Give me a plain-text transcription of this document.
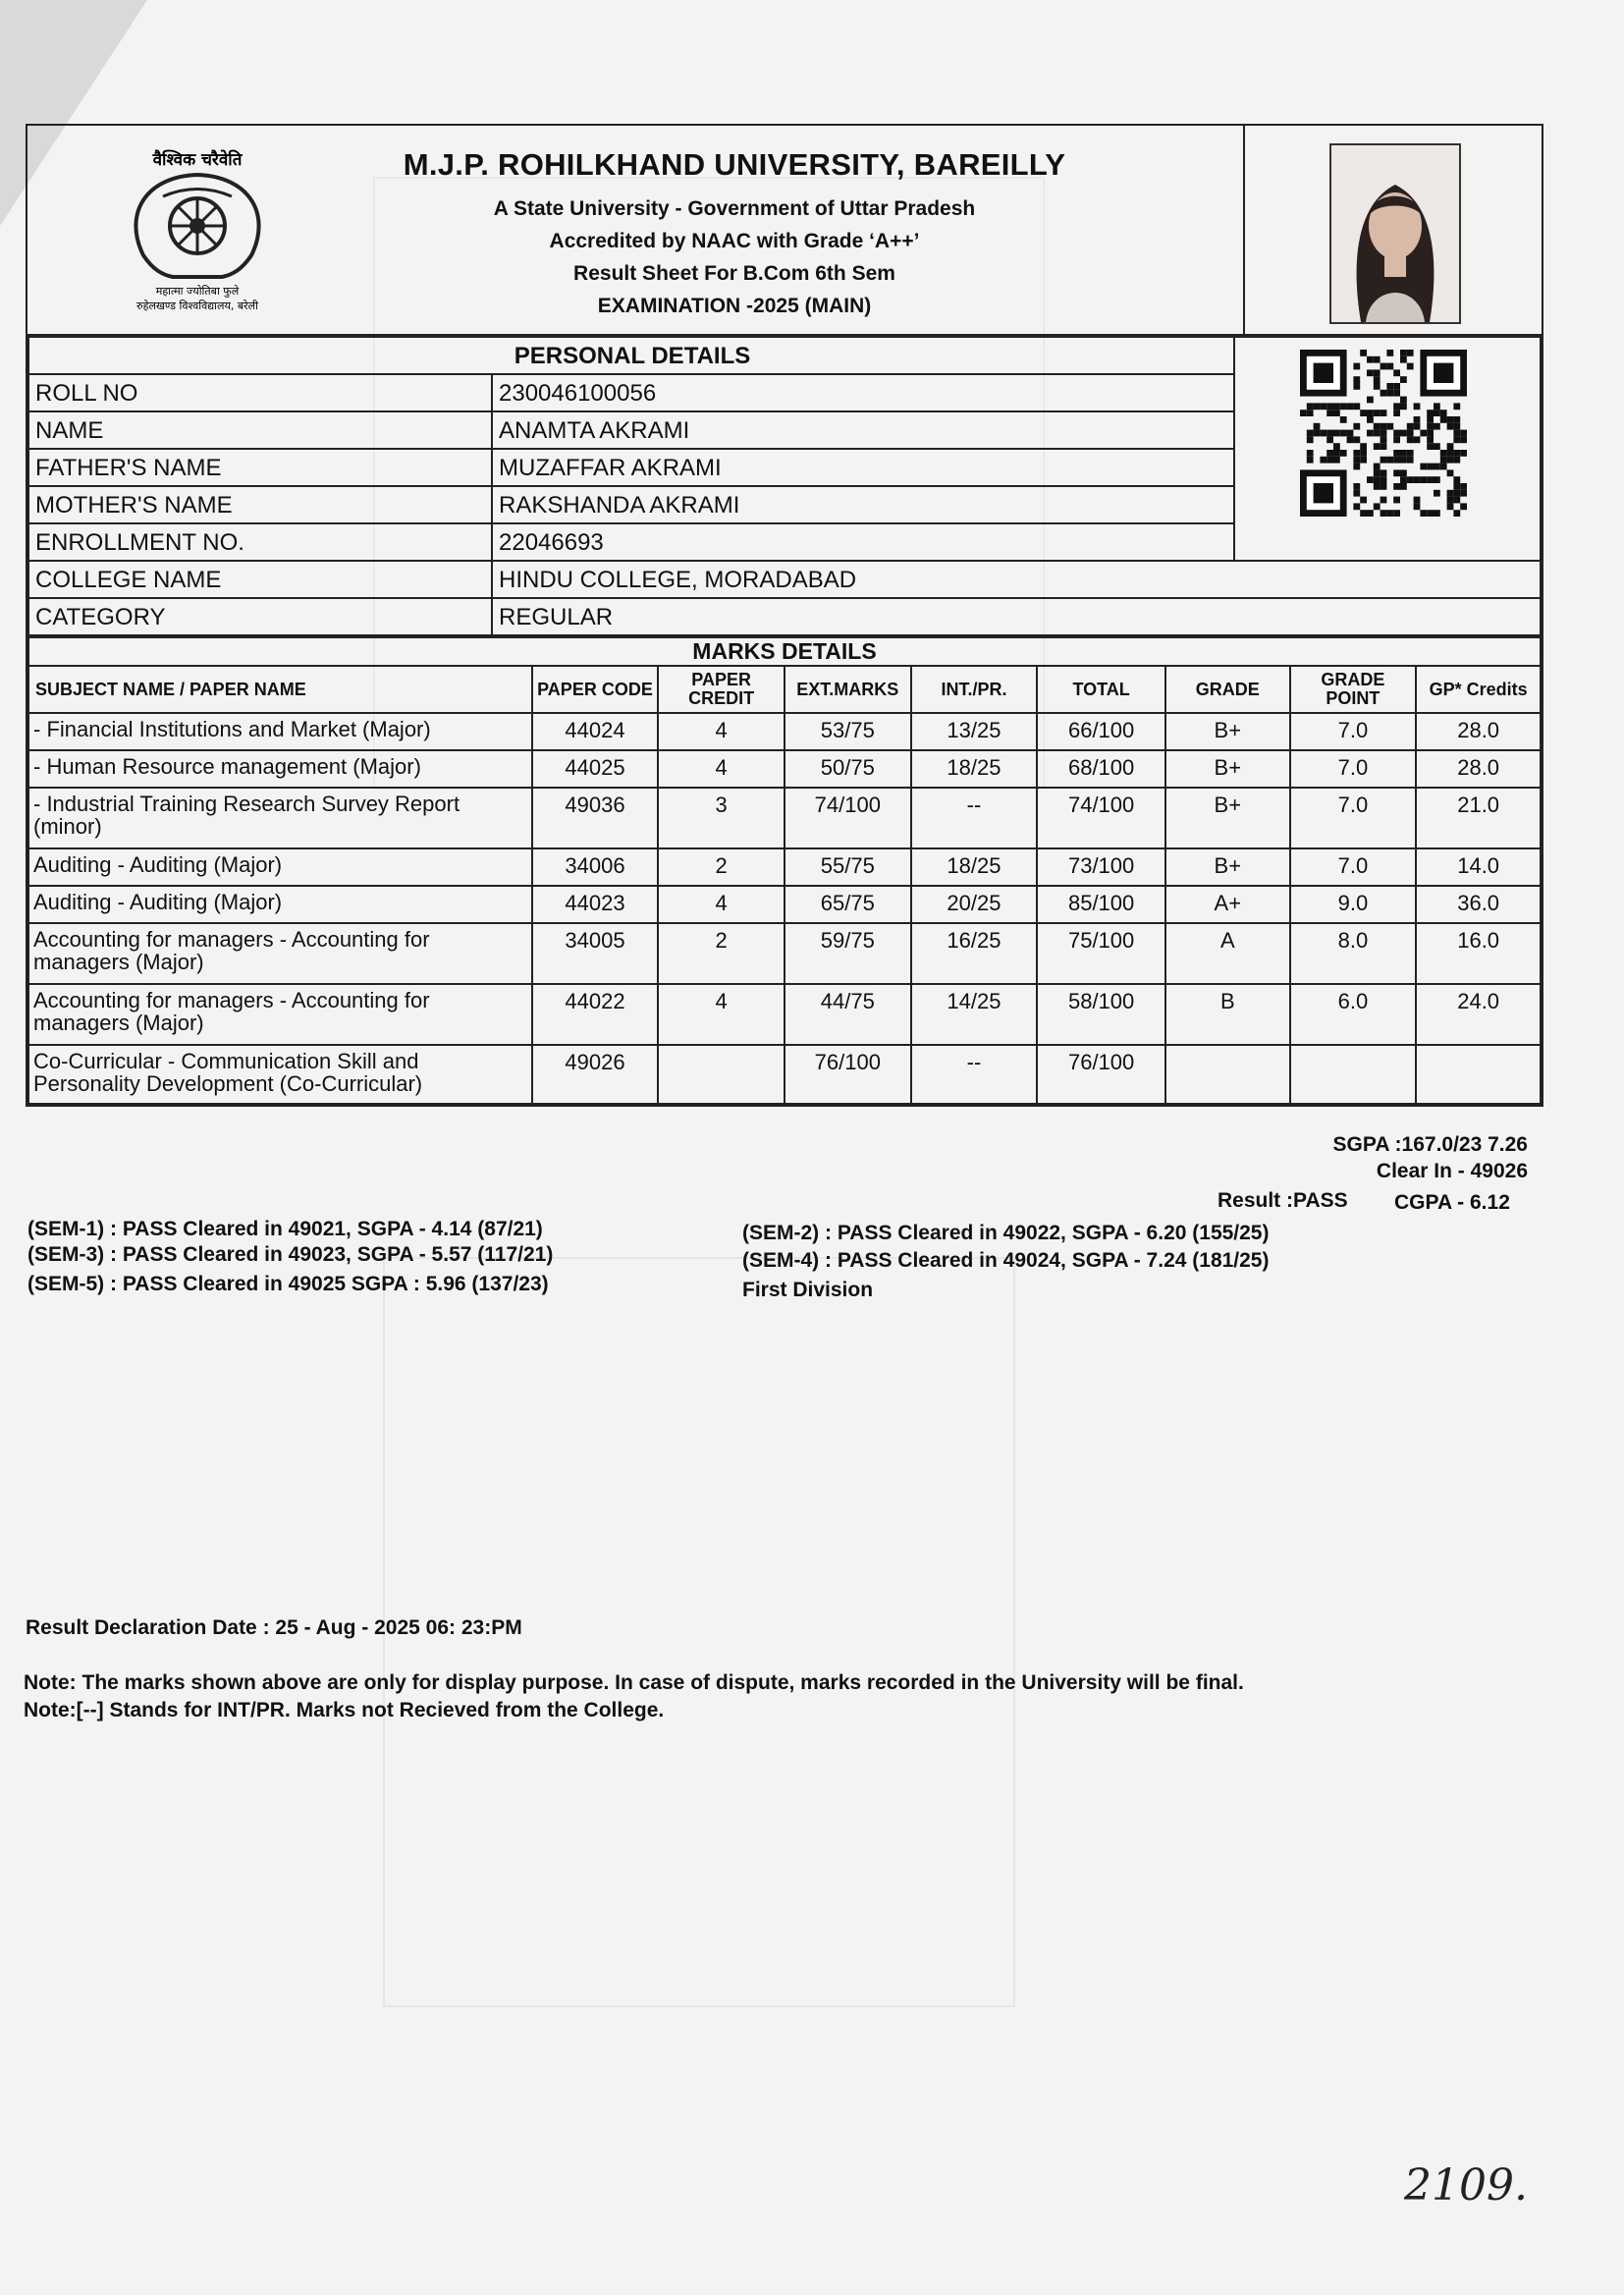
वैश्विक चरैवेति
महात्मा ज्योतिबा फुले
रुहेलखण्ड विश्वविद्यालय, बरेली
M.J.P. ROHILKHAND UNIVERSITY, BAREILLY
A State University - Government of Uttar Pradesh
Accredited by NAAC with Grade ‘A++’
Result Sheet For B.Com 6th Sem
EXAMINATION -2025 (MAIN)
PERSONAL DETAILS	

ROLL NO	230046100056	
NAME	ANAMTA AKRAMI	
FATHER'S NAME	MUZAFFAR AKRAMI	
MOTHER'S NAME	RAKSHANDA AKRAMI	
ENROLLMENT NO.	22046693	
COLLEGE NAME	HINDU COLLEGE, MORADABAD	
CATEGORY	REGULAR	
MARKS DETAILS								
SUBJECT NAME / PAPER NAME	PAPER CODE	PAPER CREDIT	EXT.MARKS	INT./PR.	TOTAL	GRADE	GRADE POINT	GP* Credits
- Financial Institutions and Market (Major)	44024	4	53/75	13/25	66/100	B+	7.0	28.0
- Human Resource management (Major)	44025	4	50/75	18/25	68/100	B+	7.0	28.0
- Industrial Training Research Survey Report (minor)	49036	3	74/100	--	74/100	B+	7.0	21.0
Auditing - Auditing (Major)	34006	2	55/75	18/25	73/100	B+	7.0	14.0
Auditing - Auditing (Major)	44023	4	65/75	20/25	85/100	A+	9.0	36.0
Accounting for managers - Accounting for managers (Major)	34005	2	59/75	16/25	75/100	A	8.0	16.0
Accounting for managers - Accounting for managers (Major)	44022	4	44/75	14/25	58/100	B	6.0	24.0
Co-Curricular - Communication Skill and Personality Development (Co-Curricular)	49026		76/100	--	76/100			
SGPA :167.0/23 7.26
Clear In - 49026
Result :PASS CGPA - 6.12
(SEM-1) : PASS Cleared in 49021, SGPA - 4.14 (87/21)
(SEM-3) : PASS Cleared in 49023, SGPA - 5.57 (117/21)
(SEM-5) : PASS Cleared in 49025 SGPA : 5.96 (137/23)
(SEM-2) : PASS Cleared in 49022, SGPA - 6.20 (155/25)
(SEM-4) : PASS Cleared in 49024, SGPA - 7.24 (181/25)
First Division
Result Declaration Date : 25 - Aug - 2025 06: 23:PM
Note: The marks shown above are only for display purpose. In case of dispute, marks recorded in the University will be final.
Note:[--] Stands for INT/PR. Marks not Recieved from the College.
2109.
